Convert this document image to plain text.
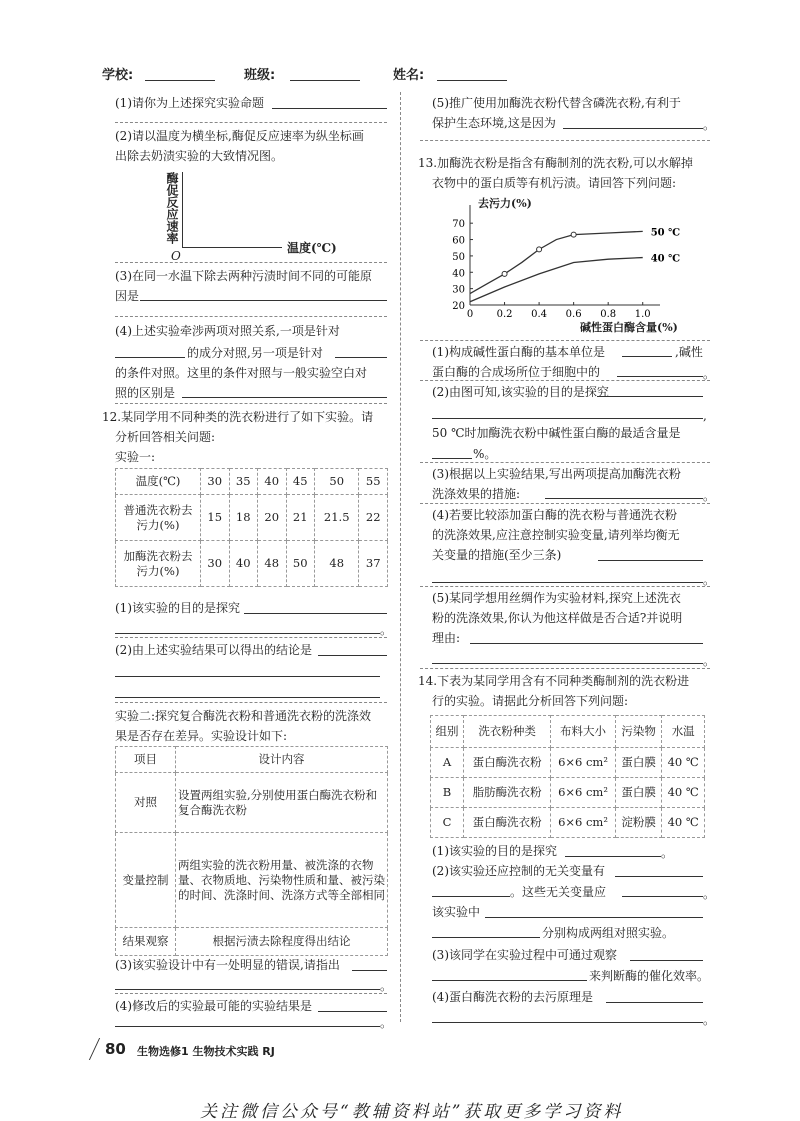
学校:	班级:	姓名:
(1)请你为上述探究实验命题
(2)请以温度为横坐标,酶促反应速率为纵坐标画
出除去奶渍实验的大致情况图。
酶促反应速率
温度(℃)
O
(3)在同一水温下除去两种污渍时间不同的可能原
因是
(4)上述实验牵涉两项对照关系,一项是针对
的成分对照,另一项是针对
的条件对照。这里的条件对照与一般实验空白对
照的区别是
12.某同学用不同种类的洗衣粉进行了如下实验。请
分析回答相关问题:
实验一:
温度(℃)	30	35	40	45	50	55
普通洗衣粉去污力(%)	15	18	20	21	21.5	22
加酶洗衣粉去污力(%)	30	40	48	50	48	37
(1)该实验的目的是探究
。
(2)由上述实验结果可以得出的结论是
实验二:探究复合酶洗衣粉和普通洗衣粉的洗涤效
果是否存在差异。实验设计如下:
项目	设计内容
对照	设置两组实验,分别使用蛋白酶洗衣粉和复合酶洗衣粉
变量控制	两组实验的洗衣粉用量、被洗涤的衣物量、衣物质地、污染物性质和量、被污染的时间、洗涤时间、洗涤方式等全部相同
结果观察	根据污渍去除程度得出结论
(3)该实验设计中有一处明显的错误,请指出
。
(4)修改后的实验最可能的实验结果是
。
(5)推广使用加酶洗衣粉代替含磷洗衣粉,有利于
保护生态环境,这是因为	。
13.加酶洗衣粉是指含有酶制剂的洗衣粉,可以水解掉
衣物中的蛋白质等有机污渍。请回答下列问题:
20
30
40
50
60
70
0 0.2 0.4 0.6 0.8 1.0
50 ℃
40 ℃
去污力(%)
碱性蛋白酶含量(%)
(1)构成碱性蛋白酶的基本单位是	,碱性
蛋白酶的合成场所位于细胞中的	。
(2)由图可知,该实验的目的是探究
,
50 ℃时加酶洗衣粉中碱性蛋白酶的最适含量是
%。
(3)根据以上实验结果,写出两项提高加酶洗衣粉
洗涤效果的措施:	。
(4)若要比较添加蛋白酶的洗衣粉与普通洗衣粉
的洗涤效果,应注意控制实验变量,请列举均衡无
关变量的措施(至少三条)
。
(5)某同学想用丝绸作为实验材料,探究上述洗衣
粉的洗涤效果,你认为他这样做是否合适?并说明
理由:
。
14.下表为某同学用含有不同种类酶制剂的洗衣粉进
行的实验。请据此分析回答下列问题:
组别	洗衣粉种类	布料大小	污染物	水温
A	蛋白酶洗衣粉	6×6 cm²	蛋白膜	40 ℃
B	脂肪酶洗衣粉	6×6 cm²	蛋白膜	40 ℃
C	蛋白酶洗衣粉	6×6 cm²	淀粉膜	40 ℃
(1)该实验的目的是探究	。
(2)该实验还应控制的无关变量有
。这些无关变量应	。
该实验中
分别构成两组对照实验。
(3)该同学在实验过程中可通过观察
来判断酶的催化效率。
(4)蛋白酶洗衣粉的去污原理是
。
80 生物选修1 生物技术实践 RJ
关注微信公众号“教辅资料站”获取更多学习资料
